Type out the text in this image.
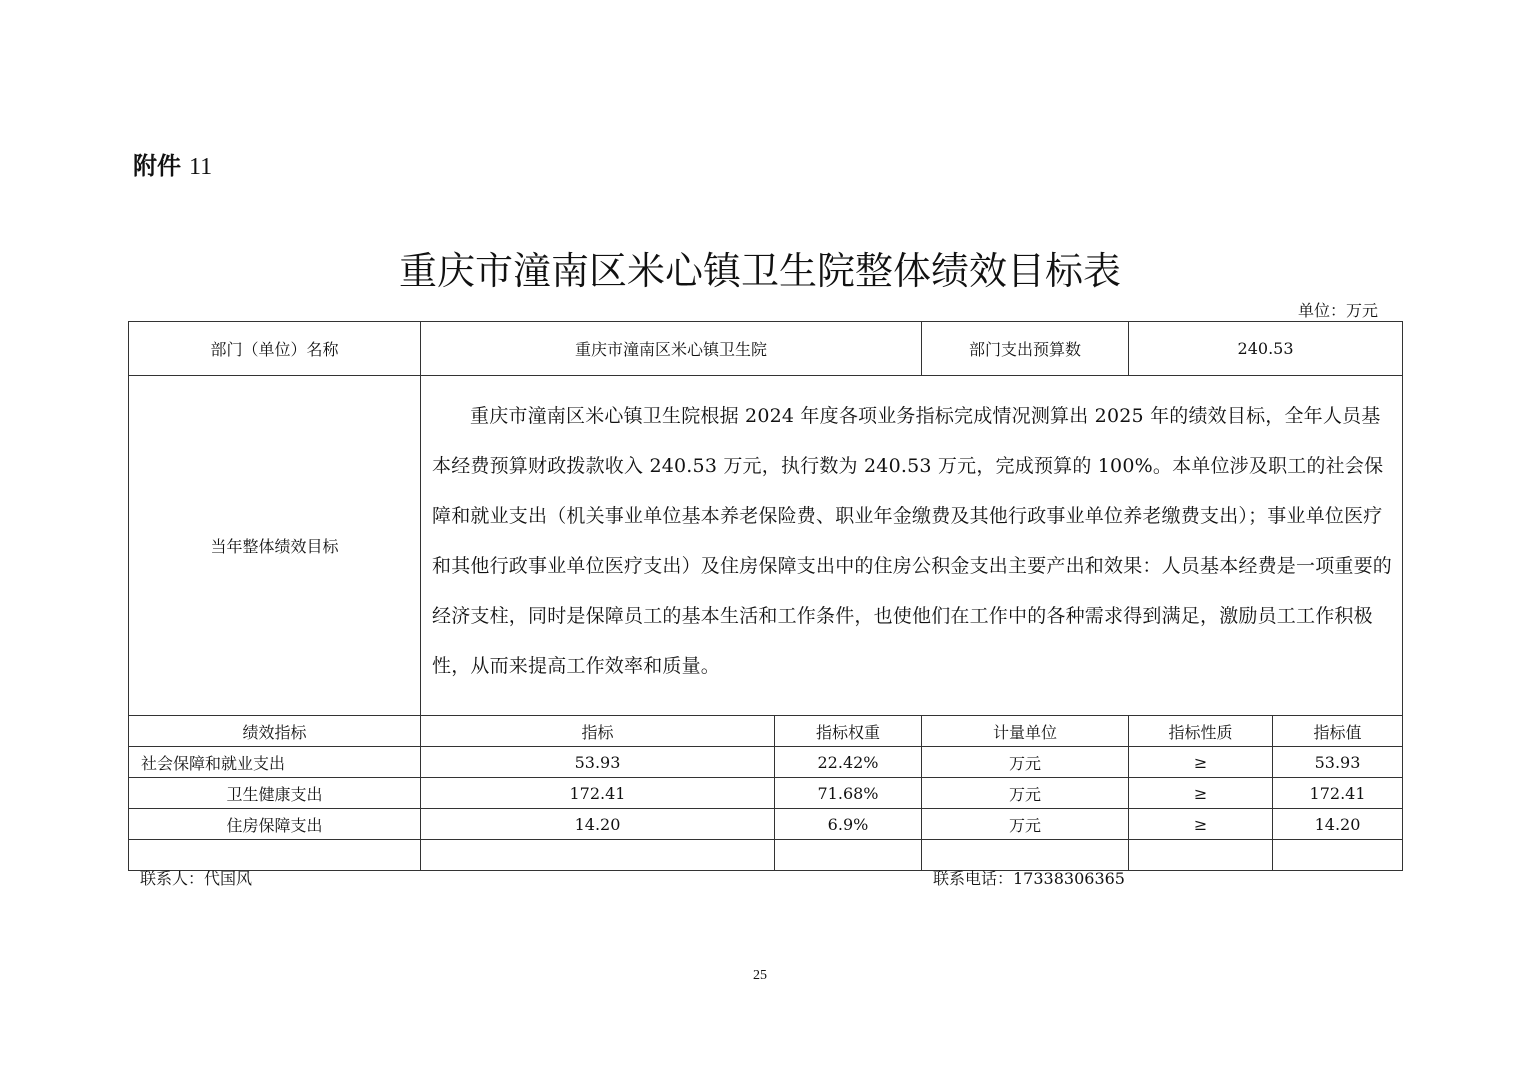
附件 11
重庆市潼南区米心镇卫生院整体绩效目标表
单位：万元
部门（单位）名称	重庆市潼南区米心镇卫生院		部门支出预算数	240.53	
当年整体绩效目标	重庆市潼南区米心镇卫生院根据 2024 年度各项业务指标完成情况测算出 2025 年的绩效目标，全年人员基本经费预算财政拨款收入 240.53 万元，执行数为 240.53 万元，完成预算的 100%。本单位涉及职工的社会保障和就业支出（机关事业单位基本养老保险费、职业年金缴费及其他行政事业单位养老缴费支出）；事业单位医疗和其他行政事业单位医疗支出）及住房保障支出中的住房公积金支出主要产出和效果：人员基本经费是一项重要的经济支柱，同时是保障员工的基本生活和工作条件，也使他们在工作中的各种需求得到满足，激励员工工作积极性，从而来提高工作效率和质量。				
绩效指标	指标	指标权重	计量单位	指标性质	指标值
社会保障和就业支出	53.93	22.42%	万元	≥	53.93
卫生健康支出	172.41	71.68%	万元	≥	172.41
住房保障支出	14.20	6.9%	万元	≥	14.20

联系人：代国风	联系电话：17338306365
25
